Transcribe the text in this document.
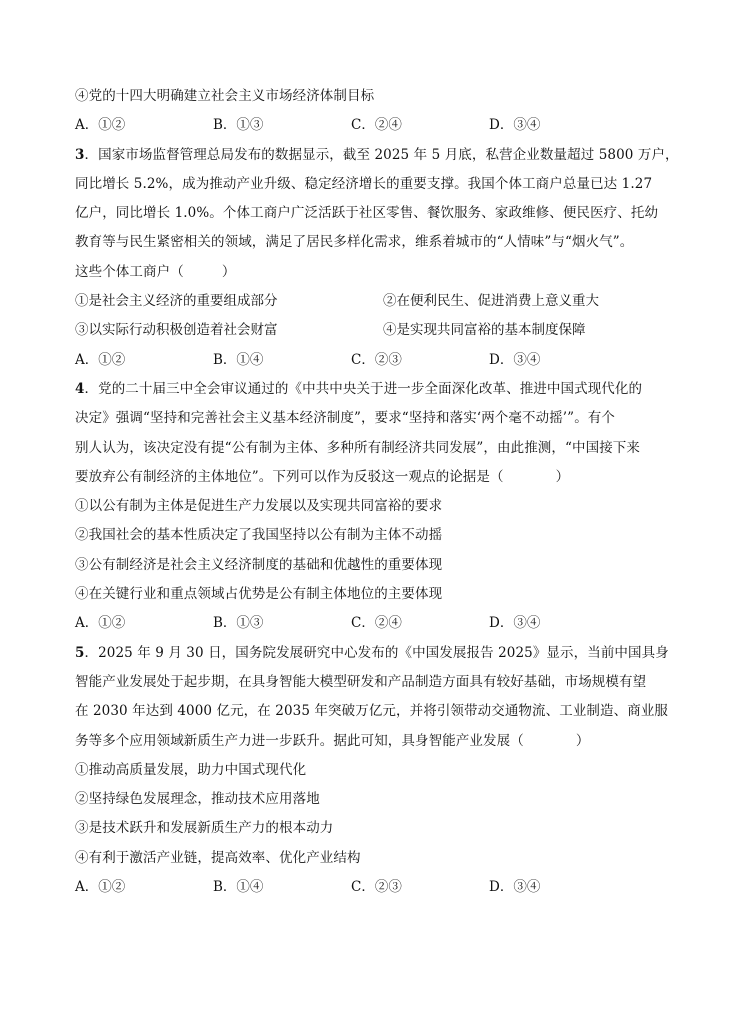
④党的十四大明确建立社会主义市场经济体制目标
A．①②	B．①③	C．②④	D．③④
3．国家市场监督管理总局发布的数据显示，截至 2025 年 5 月底，私营企业数量超过 5800 万户，
同比增长 5.2%，成为推动产业升级、稳定经济增长的重要支撑。我国个体工商户总量已达 1.27
亿户，同比增长 1.0%。个体工商户广泛活跃于社区零售、餐饮服务、家政维修、便民医疗、托幼
教育等与民生紧密相关的领域，满足了居民多样化需求，维系着城市的“人情味”与“烟火气”。
这些个体工商户（	）
①是社会主义经济的重要组成部分	②在便利民生、促进消费上意义重大
③以实际行动积极创造着社会财富	④是实现共同富裕的基本制度保障
A．①②	B．①④	C．②③	D．③④
4．党的二十届三中全会审议通过的《中共中央关于进一步全面深化改革、推进中国式现代化的
决定》强调“坚持和完善社会主义基本经济制度”，要求“坚持和落实‘两个毫不动摇’”。有个
别人认为，该决定没有提“公有制为主体、多种所有制经济共同发展”，由此推测，“中国接下来
要放弃公有制经济的主体地位”。下列可以作为反驳这一观点的论据是（	）
①以公有制为主体是促进生产力发展以及实现共同富裕的要求
②我国社会的基本性质决定了我国坚持以公有制为主体不动摇
③公有制经济是社会主义经济制度的基础和优越性的重要体现
④在关键行业和重点领域占优势是公有制主体地位的主要体现
A．①②	B．①③	C．②④	D．③④
5．2025 年 9 月 30 日，国务院发展研究中心发布的《中国发展报告 2025》显示，当前中国具身
智能产业发展处于起步期，在具身智能大模型研发和产品制造方面具有较好基础，市场规模有望
在 2030 年达到 4000 亿元，在 2035 年突破万亿元，并将引领带动交通物流、工业制造、商业服
务等多个应用领域新质生产力进一步跃升。据此可知，具身智能产业发展（	）
①推动高质量发展，助力中国式现代化
②坚持绿色发展理念，推动技术应用落地
③是技术跃升和发展新质生产力的根本动力
④有利于激活产业链，提高效率、优化产业结构
A．①②	B．①④	C．②③	D．③④
